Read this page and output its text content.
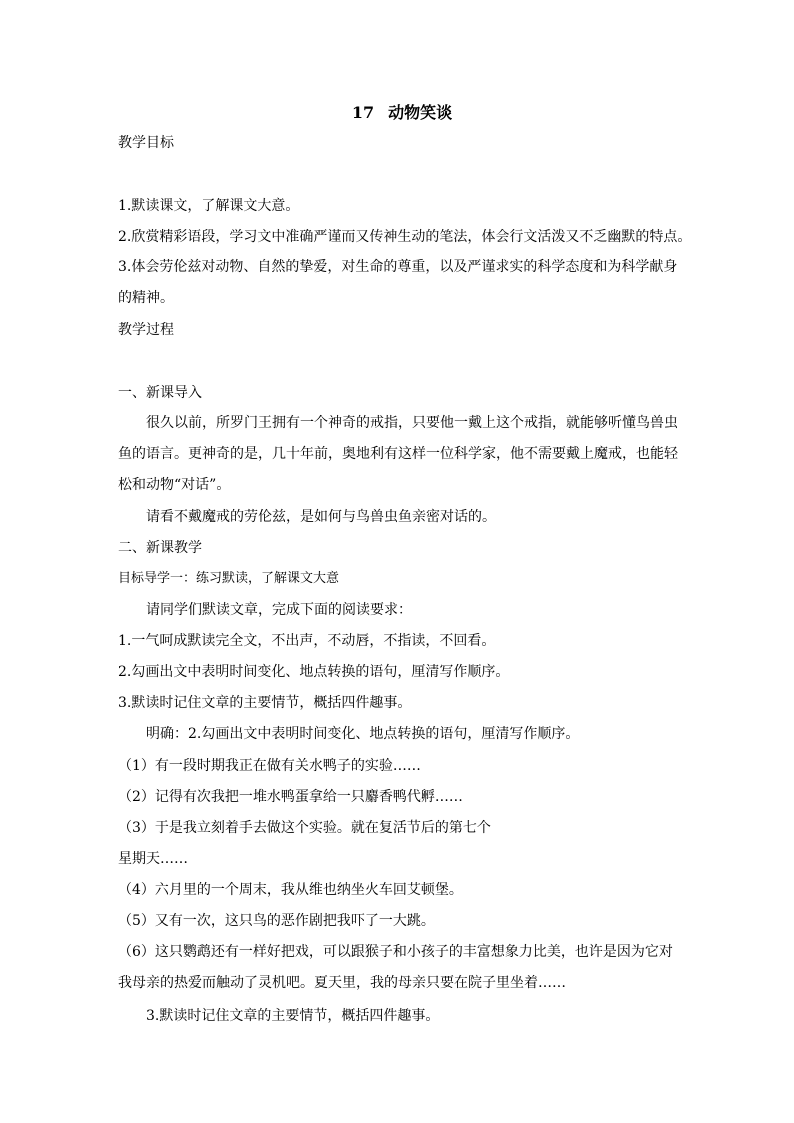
17 动物笑谈

教学目标

1.默读课文，了解课文大意。

2.欣赏精彩语段，学习文中准确严谨而又传神生动的笔法，体会行文活泼又不乏幽默的特点。

3.体会劳伦兹对动物、自然的挚爱，对生命的尊重，以及严谨求实的科学态度和为科学献身

的精神。

教学过程

一、新课导入

很久以前，所罗门王拥有一个神奇的戒指，只要他一戴上这个戒指，就能够听懂鸟兽虫

鱼的语言。更神奇的是，几十年前，奥地利有这样一位科学家，他不需要戴上魔戒，也能轻

松和动物“对话”。

请看不戴魔戒的劳伦兹，是如何与鸟兽虫鱼亲密对话的。

二、新课教学

目标导学一：练习默读，了解课文大意

请同学们默读文章，完成下面的阅读要求：

1.一气呵成默读完全文，不出声，不动唇，不指读，不回看。

2.勾画出文中表明时间变化、地点转换的语句，厘清写作顺序。

3.默读时记住文章的主要情节，概括四件趣事。

明确：2.勾画出文中表明时间变化、地点转换的语句，厘清写作顺序。

（1）有一段时期我正在做有关水鸭子的实验……

（2）记得有次我把一堆水鸭蛋拿给一只麝香鸭代孵……

（3）于是我立刻着手去做这个实验。就在复活节后的第七个

星期天……

（4）六月里的一个周末，我从维也纳坐火车回艾顿堡。

（5）又有一次，这只鸟的恶作剧把我吓了一大跳。

（6）这只鹦鹉还有一样好把戏，可以跟猴子和小孩子的丰富想象力比美，也许是因为它对

我母亲的热爱而触动了灵机吧。夏天里，我的母亲只要在院子里坐着……

3.默读时记住文章的主要情节，概括四件趣事。
